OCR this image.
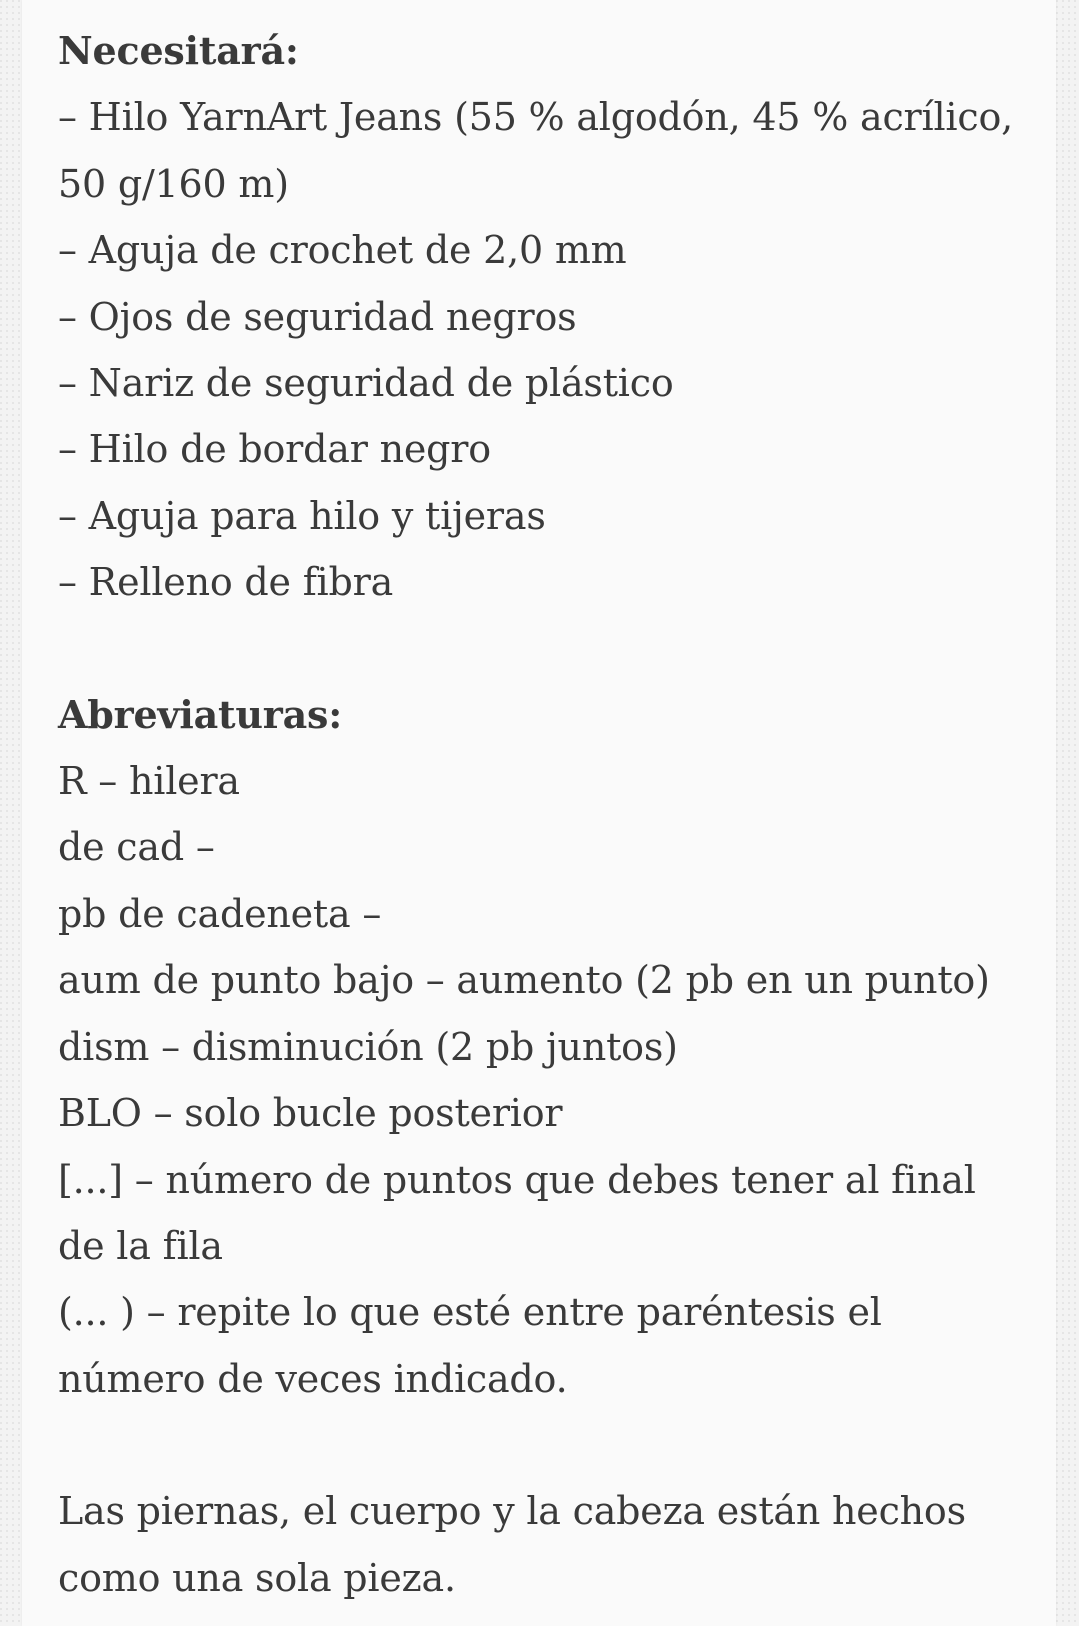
Necesitará:

– Hilo YarnArt Jeans (55 % algodón, 45 % acrílico, 50 g/160 m)

– Aguja de crochet de 2,0 mm

– Ojos de seguridad negros

– Nariz de seguridad de plástico

– Hilo de bordar negro

– Aguja para hilo y tijeras

– Relleno de fibra

Abreviaturas:

R – hilera

de cad –

pb de cadeneta –

aum de punto bajo – aumento (2 pb en un punto)

dism – disminución (2 pb juntos)

BLO – solo bucle posterior

[...] – número de puntos que debes tener al final de la fila

(... ) – repite lo que esté entre paréntesis el número de veces indicado.

Las piernas, el cuerpo y la cabeza están hechos como una sola pieza.
